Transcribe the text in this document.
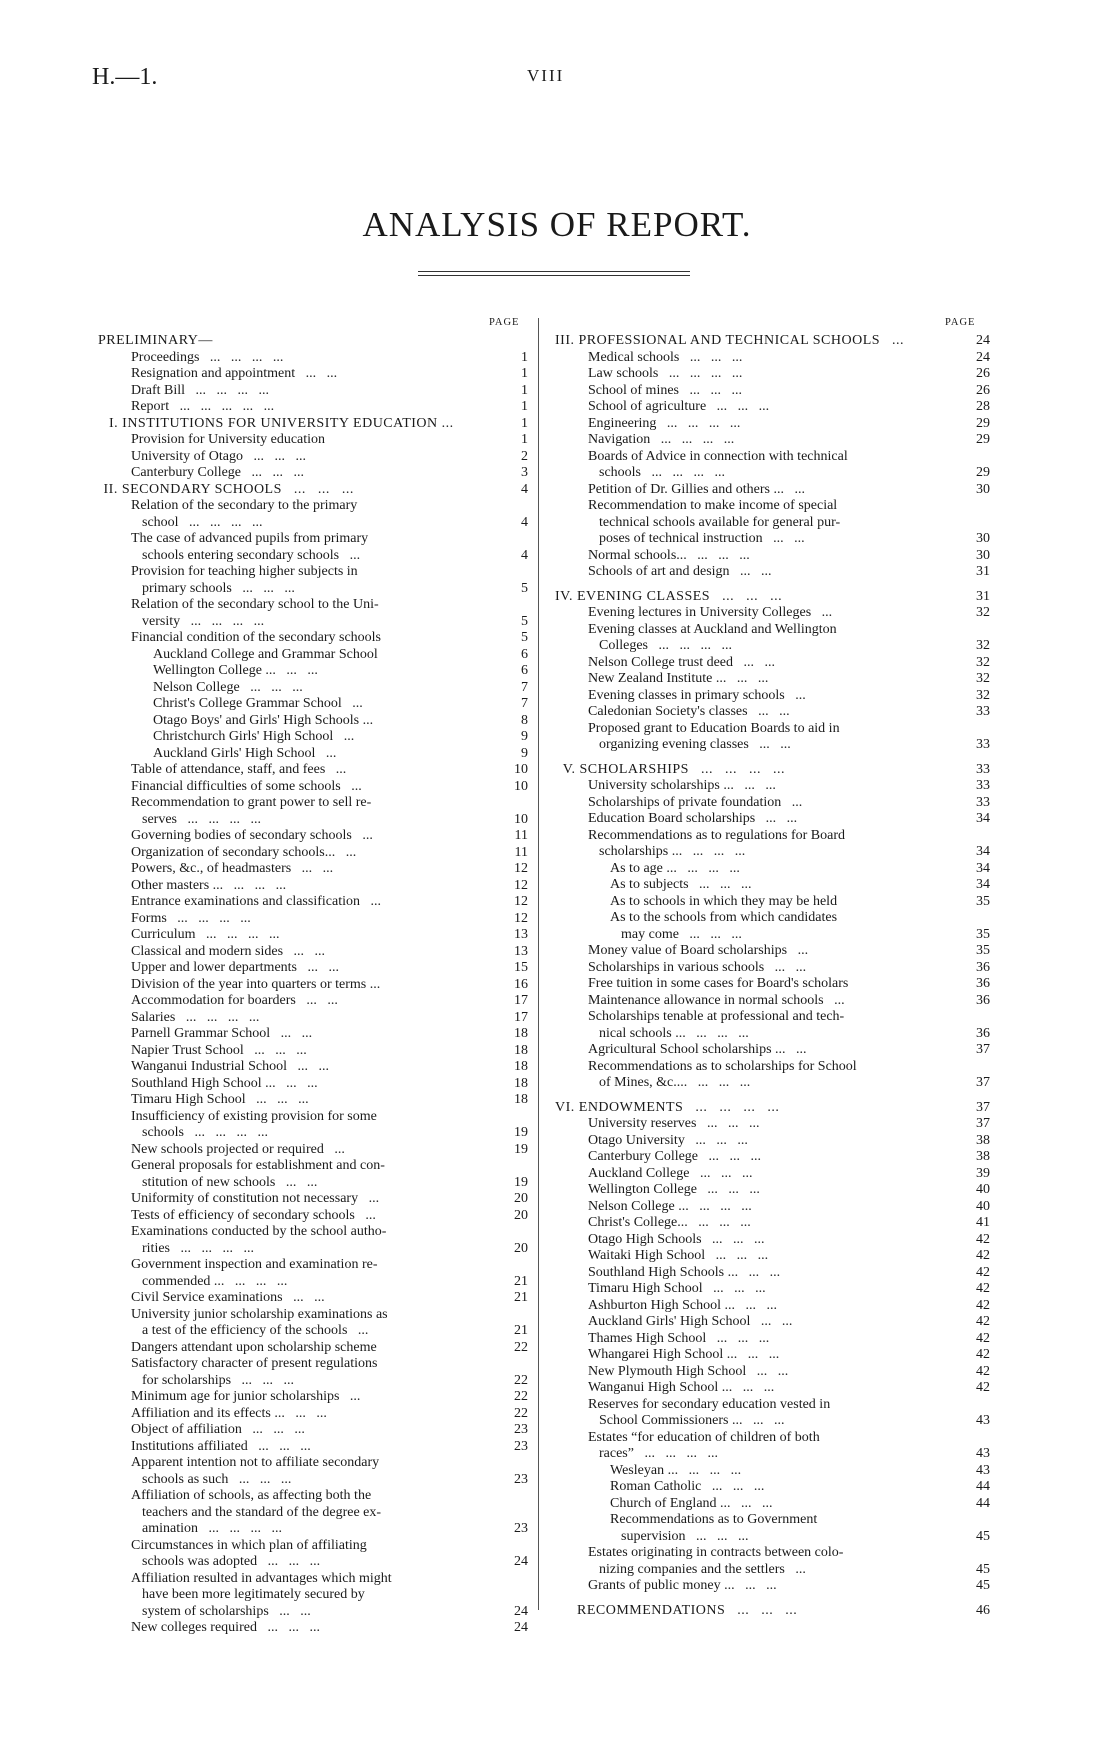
H.—1.	VIII
ANALYSIS OF REPORT.
PAGE	PAGE
PRELIMINARY—
Proceedings   ...   ...   ...   ...	1
Resignation and appointment   ...   ...	1
Draft Bill   ...   ...   ...   ...	1
Report   ...   ...   ...   ...   ...	1
I. INSTITUTIONS FOR UNIVERSITY EDUCATION ...	1
Provision for University education	1
University of Otago   ...   ...   ...	2
Canterbury College   ...   ...   ...	3
II. SECONDARY SCHOOLS   ...   ...   ...	4
Relation of the secondary to the primary
school   ...   ...   ...   ...	4
The case of advanced pupils from primary
schools entering secondary schools   ...	4
Provision for teaching higher subjects in
primary schools   ...   ...   ...	5
Relation of the secondary school to the Uni-
versity   ...   ...   ...   ...	5
Financial condition of the secondary schools	5
Auckland College and Grammar School	6
Wellington College ...   ...   ...	6
Nelson College   ...   ...   ...	7
Christ's College Grammar School   ...	7
Otago Boys' and Girls' High Schools ...	8
Christchurch Girls' High School   ...	9
Auckland Girls' High School   ...	9
Table of attendance, staff, and fees   ...	10
Financial difficulties of some schools   ...	10
Recommendation to grant power to sell re-
serves   ...   ...   ...   ...	10
Governing bodies of secondary schools   ...	11
Organization of secondary schools...   ...	11
Powers, &c., of headmasters   ...   ...	12
Other masters ...   ...   ...   ...	12
Entrance examinations and classification   ...	12
Forms   ...   ...   ...   ...	12
Curriculum   ...   ...   ...   ...	13
Classical and modern sides   ...   ...	13
Upper and lower departments   ...   ...	15
Division of the year into quarters or terms ...	16
Accommodation for boarders   ...   ...	17
Salaries   ...   ...   ...   ...	17
Parnell Grammar School   ...   ...	18
Napier Trust School   ...   ...   ...	18
Wanganui Industrial School   ...   ...	18
Southland High School ...   ...   ...	18
Timaru High School   ...   ...   ...	18
Insufficiency of existing provision for some
schools   ...   ...   ...   ...	19
New schools projected or required   ...	19
General proposals for establishment and con-
stitution of new schools   ...   ...	19
Uniformity of constitution not necessary   ...	20
Tests of efficiency of secondary schools   ...	20
Examinations conducted by the school autho-
rities   ...   ...   ...   ...	20
Government inspection and examination re-
commended ...   ...   ...   ...	21
Civil Service examinations   ...   ...	21
University junior scholarship examinations as
a test of the efficiency of the schools   ...	21
Dangers attendant upon scholarship scheme	22
Satisfactory character of present regulations
for scholarships   ...   ...   ...	22
Minimum age for junior scholarships   ...	22
Affiliation and its effects ...   ...   ...	22
Object of affiliation   ...   ...   ...	23
Institutions affiliated   ...   ...   ...	23
Apparent intention not to affiliate secondary
schools as such   ...   ...   ...	23
Affiliation of schools, as affecting both the
teachers and the standard of the degree ex-
amination   ...   ...   ...   ...	23
Circumstances in which plan of affiliating
schools was adopted   ...   ...   ...	24
Affiliation resulted in advantages which might
have been more legitimately secured by
system of scholarships   ...   ...	24
New colleges required   ...   ...   ...	24
III. PROFESSIONAL AND TECHNICAL SCHOOLS   ...	24
Medical schools   ...   ...   ...	24
Law schools   ...   ...   ...   ...	26
School of mines   ...   ...   ...	26
School of agriculture   ...   ...   ...	28
Engineering   ...   ...   ...   ...	29
Navigation   ...   ...   ...   ...	29
Boards of Advice in connection with technical
schools   ...   ...   ...   ...	29
Petition of Dr. Gillies and others ...   ...	30
Recommendation to make income of special
technical schools available for general pur-
poses of technical instruction   ...   ...	30
Normal schools...   ...   ...   ...	30
Schools of art and design   ...   ...	31
IV. EVENING CLASSES   ...   ...   ...	31
Evening lectures in University Colleges   ...	32
Evening classes at Auckland and Wellington
Colleges   ...   ...   ...   ...	32
Nelson College trust deed   ...   ...	32
New Zealand Institute ...   ...   ...	32
Evening classes in primary schools   ...	32
Caledonian Society's classes   ...   ...	33
Proposed grant to Education Boards to aid in
organizing evening classes   ...   ...	33
V. SCHOLARSHIPS   ...   ...   ...   ...	33
University scholarships ...   ...   ...	33
Scholarships of private foundation   ...	33
Education Board scholarships   ...   ...	34
Recommendations as to regulations for Board
scholarships ...   ...   ...   ...	34
As to age ...   ...   ...   ...	34
As to subjects   ...   ...   ...	34
As to schools in which they may be held	35
As to the schools from which candidates
may come   ...   ...   ...	35
Money value of Board scholarships   ...	35
Scholarships in various schools   ...   ...	36
Free tuition in some cases for Board's scholars	36
Maintenance allowance in normal schools   ...	36
Scholarships tenable at professional and tech-
nical schools ...   ...   ...   ...	36
Agricultural School scholarships ...   ...	37
Recommendations as to scholarships for School
of Mines, &c....   ...   ...   ...	37
VI. ENDOWMENTS   ...   ...   ...   ...	37
University reserves   ...   ...   ...	37
Otago University   ...   ...   ...	38
Canterbury College   ...   ...   ...	38
Auckland College   ...   ...   ...	39
Wellington College   ...   ...   ...	40
Nelson College ...   ...   ...   ...	40
Christ's College...   ...   ...   ...	41
Otago High Schools   ...   ...   ...	42
Waitaki High School   ...   ...   ...	42
Southland High Schools ...   ...   ...	42
Timaru High School   ...   ...   ...	42
Ashburton High School ...   ...   ...	42
Auckland Girls' High School   ...   ...	42
Thames High School   ...   ...   ...	42
Whangarei High School ...   ...   ...	42
New Plymouth High School   ...   ...	42
Wanganui High School ...   ...   ...	42
Reserves for secondary education vested in
School Commissioners ...   ...   ...	43
Estates “for education of children of both
races”   ...   ...   ...   ...	43
Wesleyan ...   ...   ...   ...	43
Roman Catholic   ...   ...   ...	44
Church of England ...   ...   ...	44
Recommendations as to Government
supervision   ...   ...   ...	45
Estates originating in contracts between colo-
nizing companies and the settlers   ...	45
Grants of public money ...   ...   ...	45
RECOMMENDATIONS   ...   ...   ...	46
